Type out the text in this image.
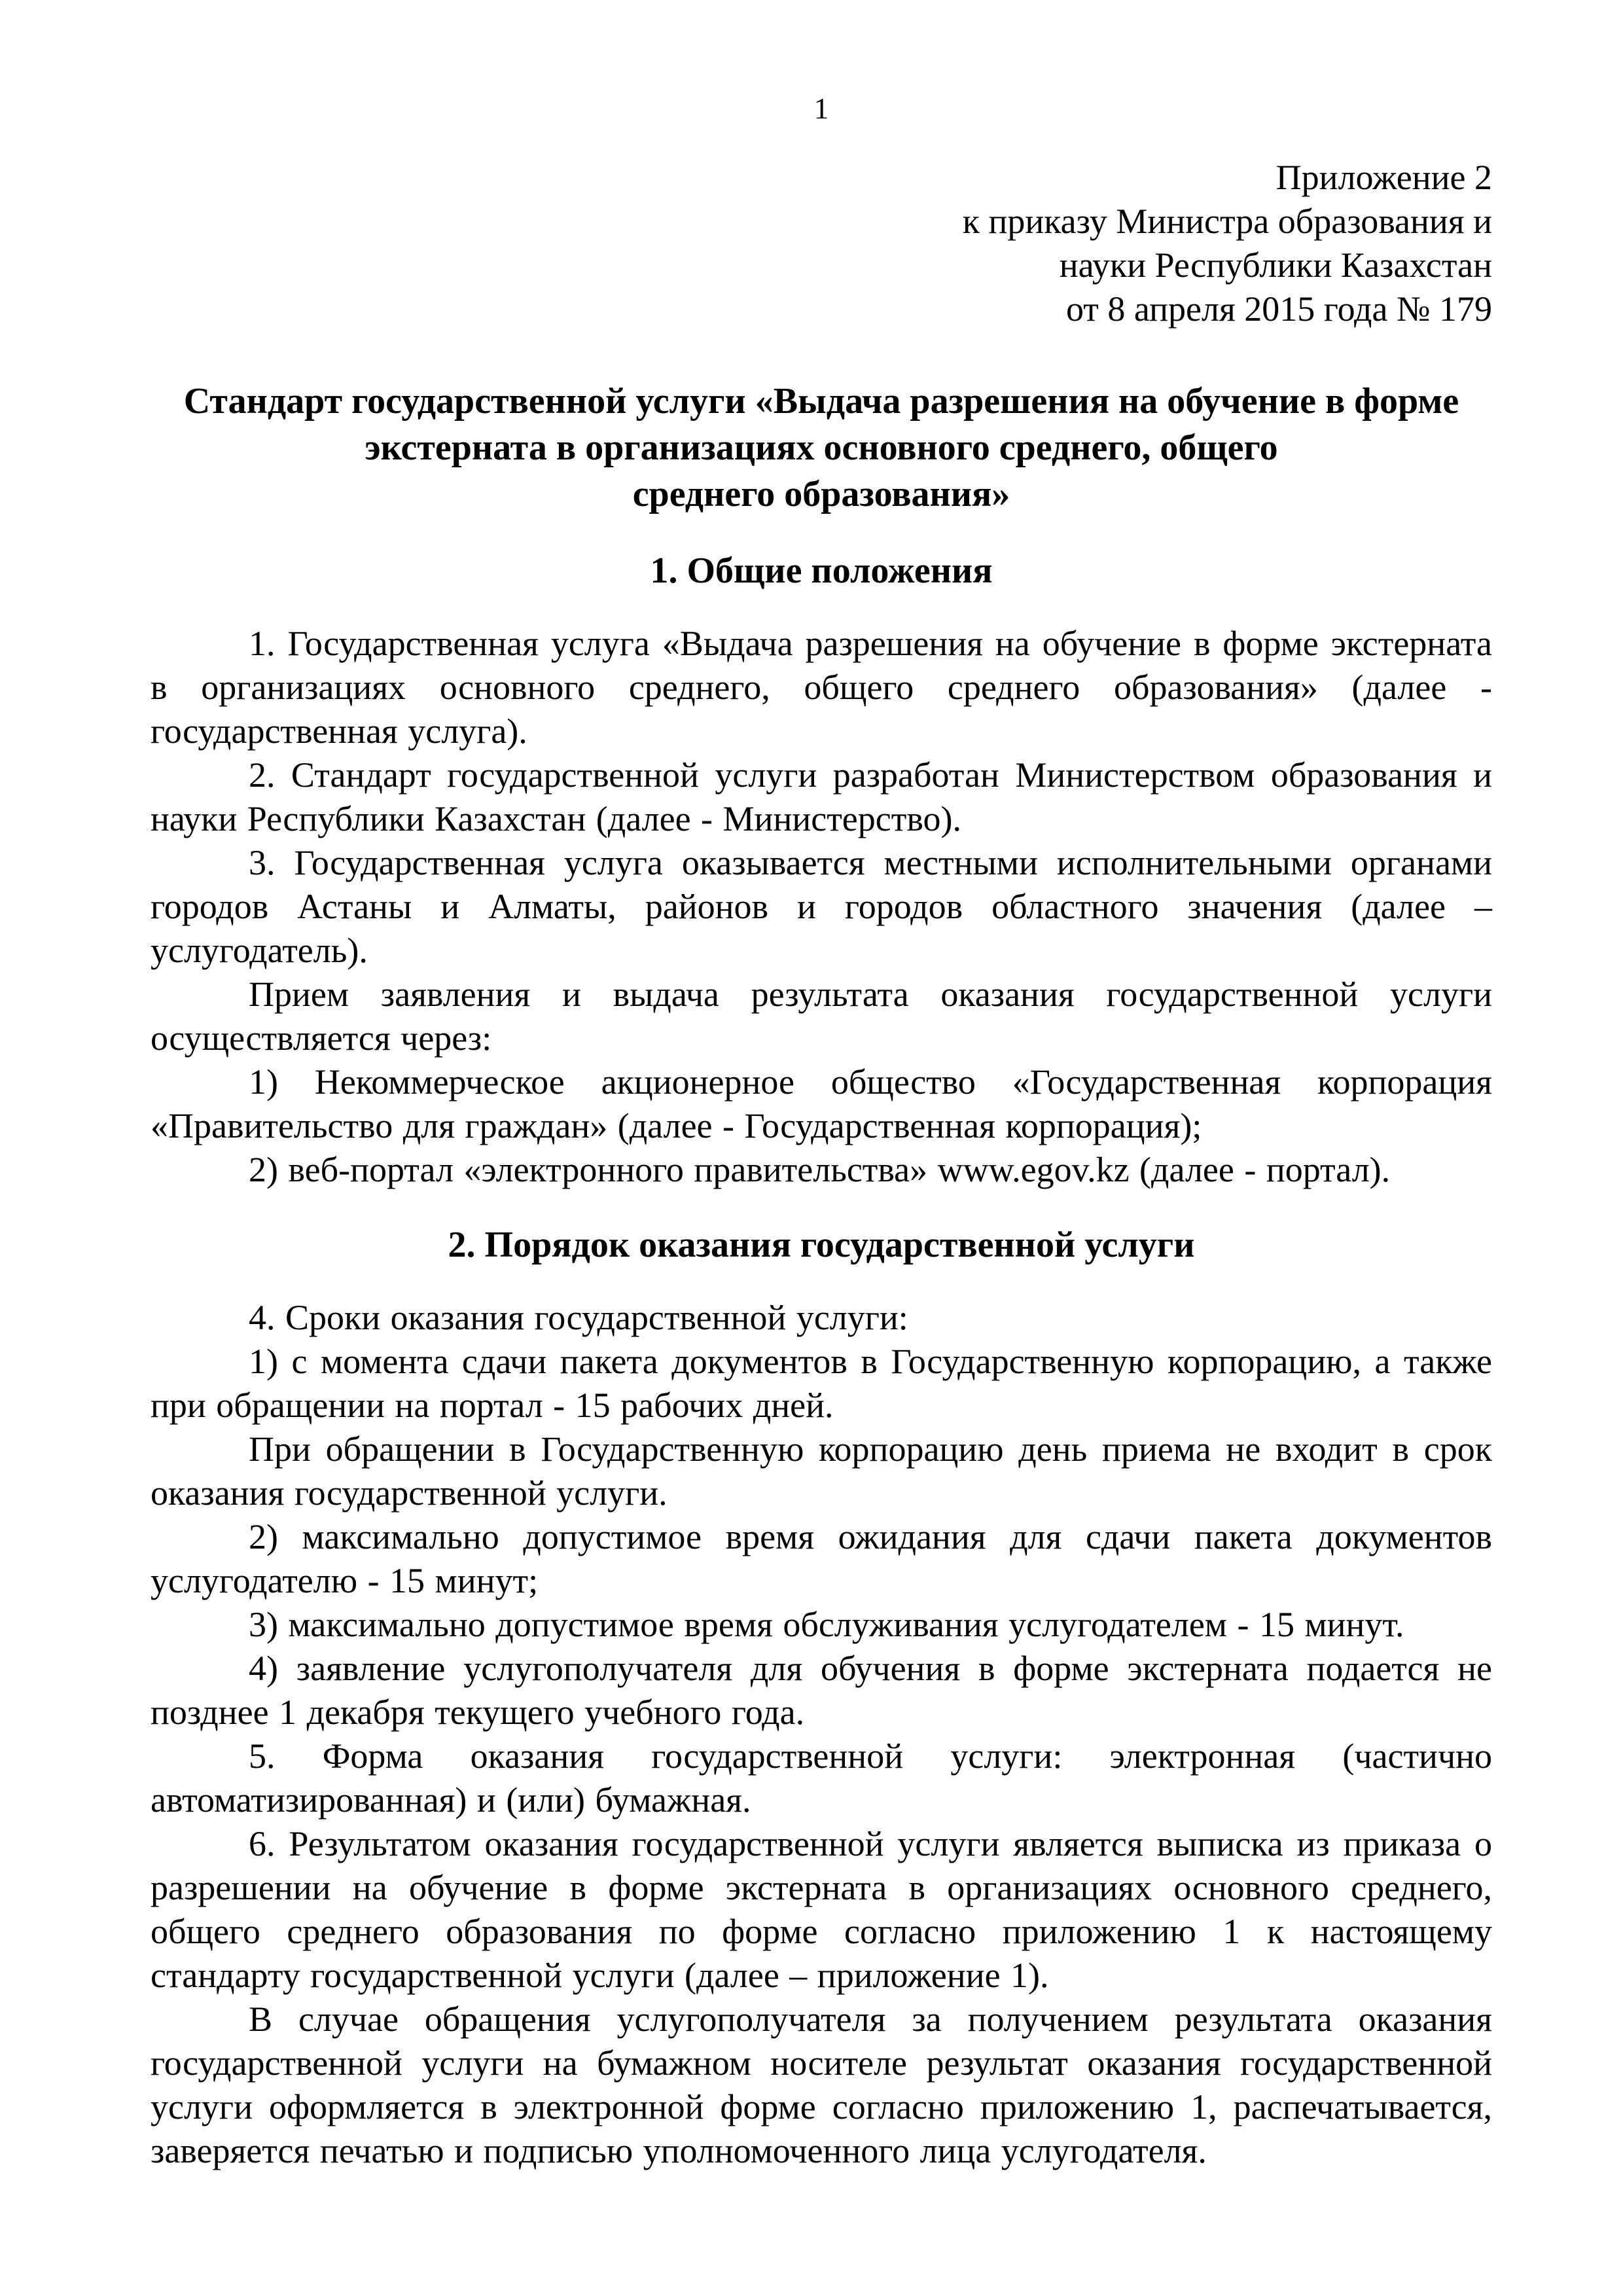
1
Приложение 2
к приказу Министра образования и
науки Республики Казахстан
от 8 апреля 2015 года № 179
Стандарт государственной услуги «Выдача разрешения на обучение в форме
экстерната в организациях основного среднего, общего
среднего образования»
1. Общие положения

1. Государственная услуга «Выдача разрешения на обучение в форме экстерната в организациях основного среднего, общего среднего образования» (далее - государственная услуга).

2. Стандарт государственной услуги разработан Министерством образования и науки Республики Казахстан (далее - Министерство).

3. Государственная услуга оказывается местными исполнительными органами городов Астаны и Алматы, районов и городов областного значения (далее – услугодатель).

Прием заявления и выдача результата оказания государственной услуги осуществляется через:

1) Некоммерческое акционерное общество «Государственная корпорация «Правительство для граждан» (далее - Государственная корпорация);

2) веб-портал «электронного правительства» www.egov.kz (далее - портал).

2. Порядок оказания государственной услуги

4. Сроки оказания государственной услуги:

1) с момента сдачи пакета документов в Государственную корпорацию, а также при обращении на портал - 15 рабочих дней.

При обращении в Государственную корпорацию день приема не входит в срок оказания государственной услуги.

2) максимально допустимое время ожидания для сдачи пакета документов услугодателю - 15 минут;

3) максимально допустимое время обслуживания услугодателем - 15 минут.

4) заявление услугополучателя для обучения в форме экстерната подается не позднее 1 декабря текущего учебного года.

5. Форма оказания государственной услуги: электронная (частично автоматизированная) и (или) бумажная.

6. Результатом оказания государственной услуги является выписка из приказа о разрешении на обучение в форме экстерната в организациях основного среднего, общего среднего образования по форме согласно приложению 1 к настоящему стандарту государственной услуги (далее – приложение 1).

В случае обращения услугополучателя за получением результата оказания государственной услуги на бумажном носителе результат оказания государственной услуги оформляется в электронной форме согласно приложению 1, распечатывается, заверяется печатью и подписью уполномоченного лица услугодателя.
